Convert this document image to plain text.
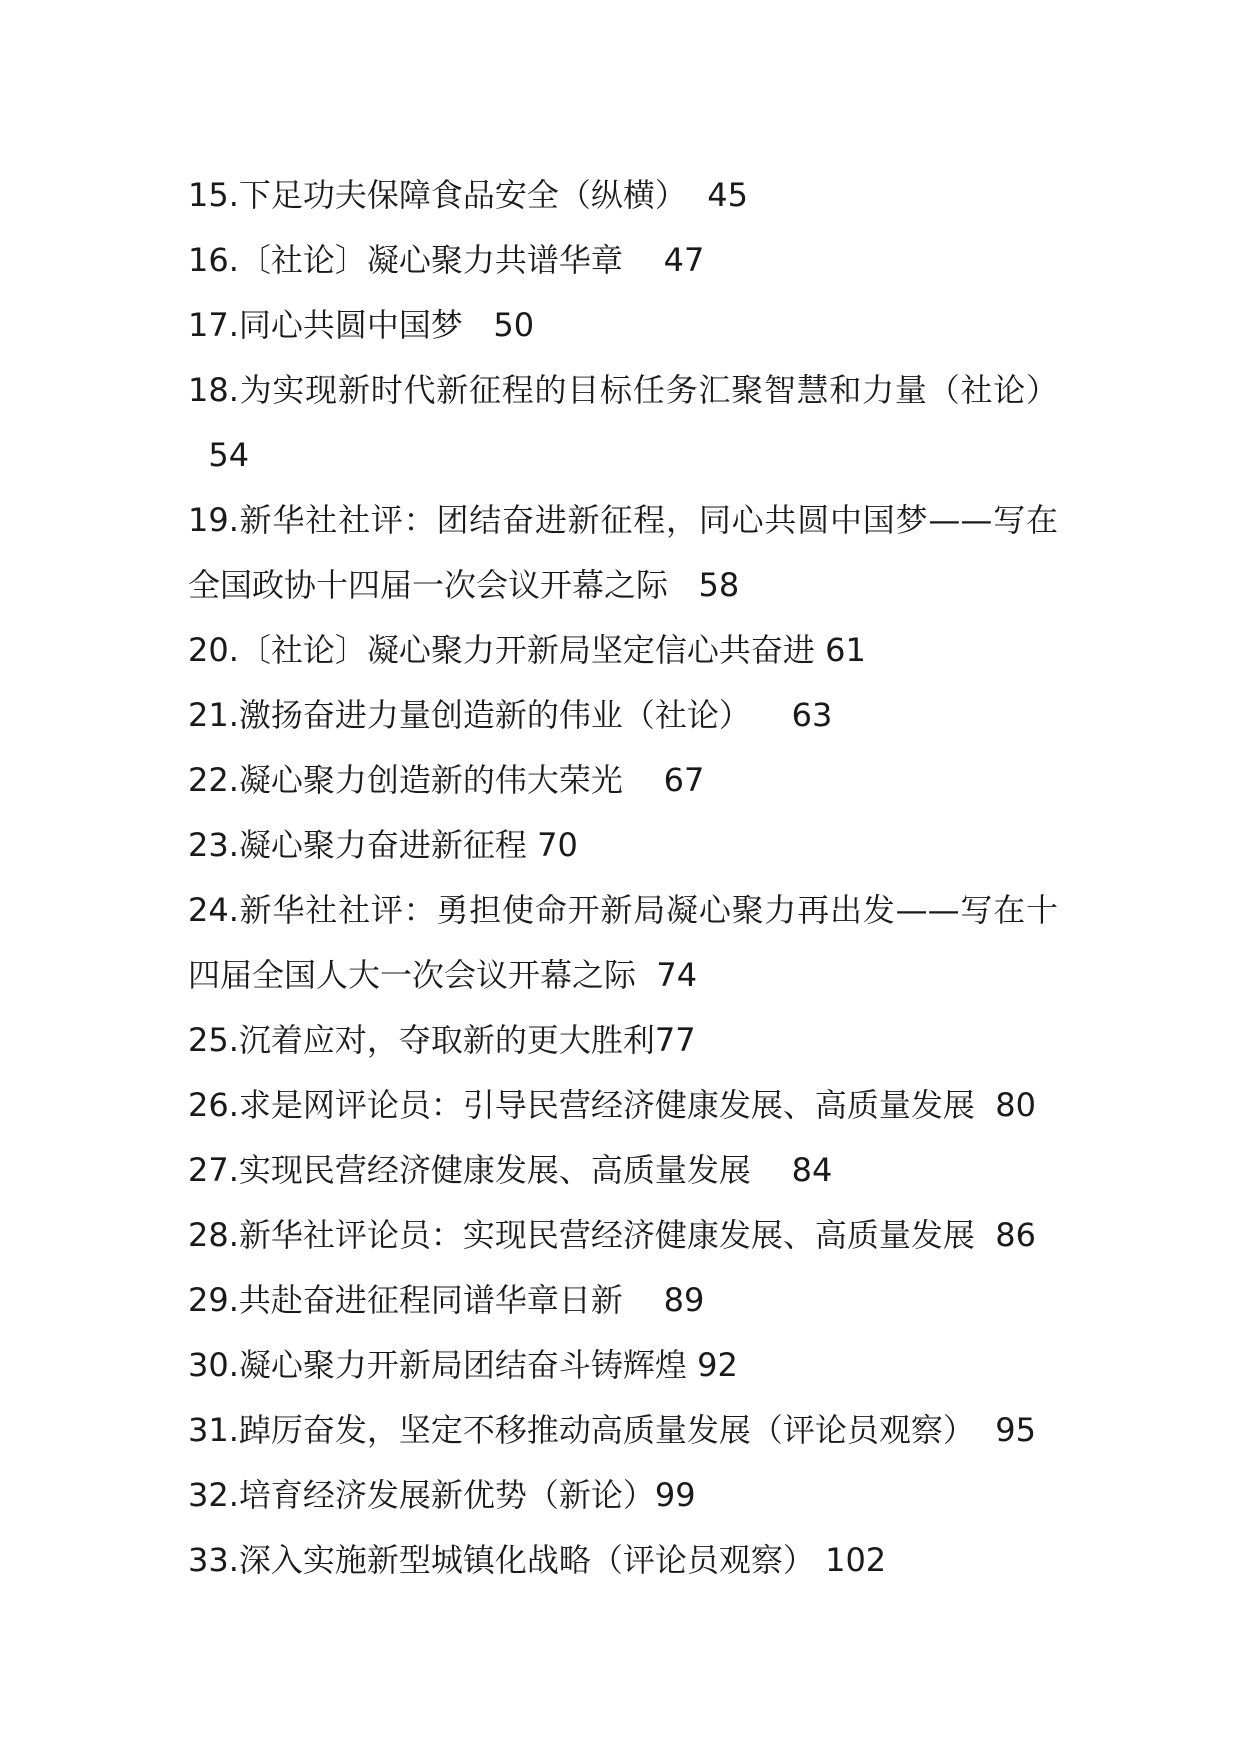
15.下足功夫保障食品安全（纵横） 45
16.〔社论〕凝心聚力共谱华章 47
17.同心共圆中国梦 50
18.为实现新时代新征程的目标任务汇聚智慧和力量（社论）  54
19.新华社社评：团结奋进新征程，同心共圆中国梦——写在全国政协十四届一次会议开幕之际 58
20.〔社论〕凝心聚力开新局坚定信心共奋进 61
21.激扬奋进力量创造新的伟业（社论） 63
22.凝心聚力创造新的伟大荣光 67
23.凝心聚力奋进新征程 70
24.新华社社评：勇担使命开新局凝心聚力再出发——写在十四届全国人大一次会议开幕之际 74
25.沉着应对，夺取新的更大胜利77
26.求是网评论员：引导民营经济健康发展、高质量发展 80
27.实现民营经济健康发展、高质量发展 84
28.新华社评论员：实现民营经济健康发展、高质量发展 86
29.共赴奋进征程同谱华章日新 89
30.凝心聚力开新局团结奋斗铸辉煌 92
31.踔厉奋发，坚定不移推动高质量发展（评论员观察） 95
32.培育经济发展新优势（新论）99
33.深入实施新型城镇化战略（评论员观察） 102
